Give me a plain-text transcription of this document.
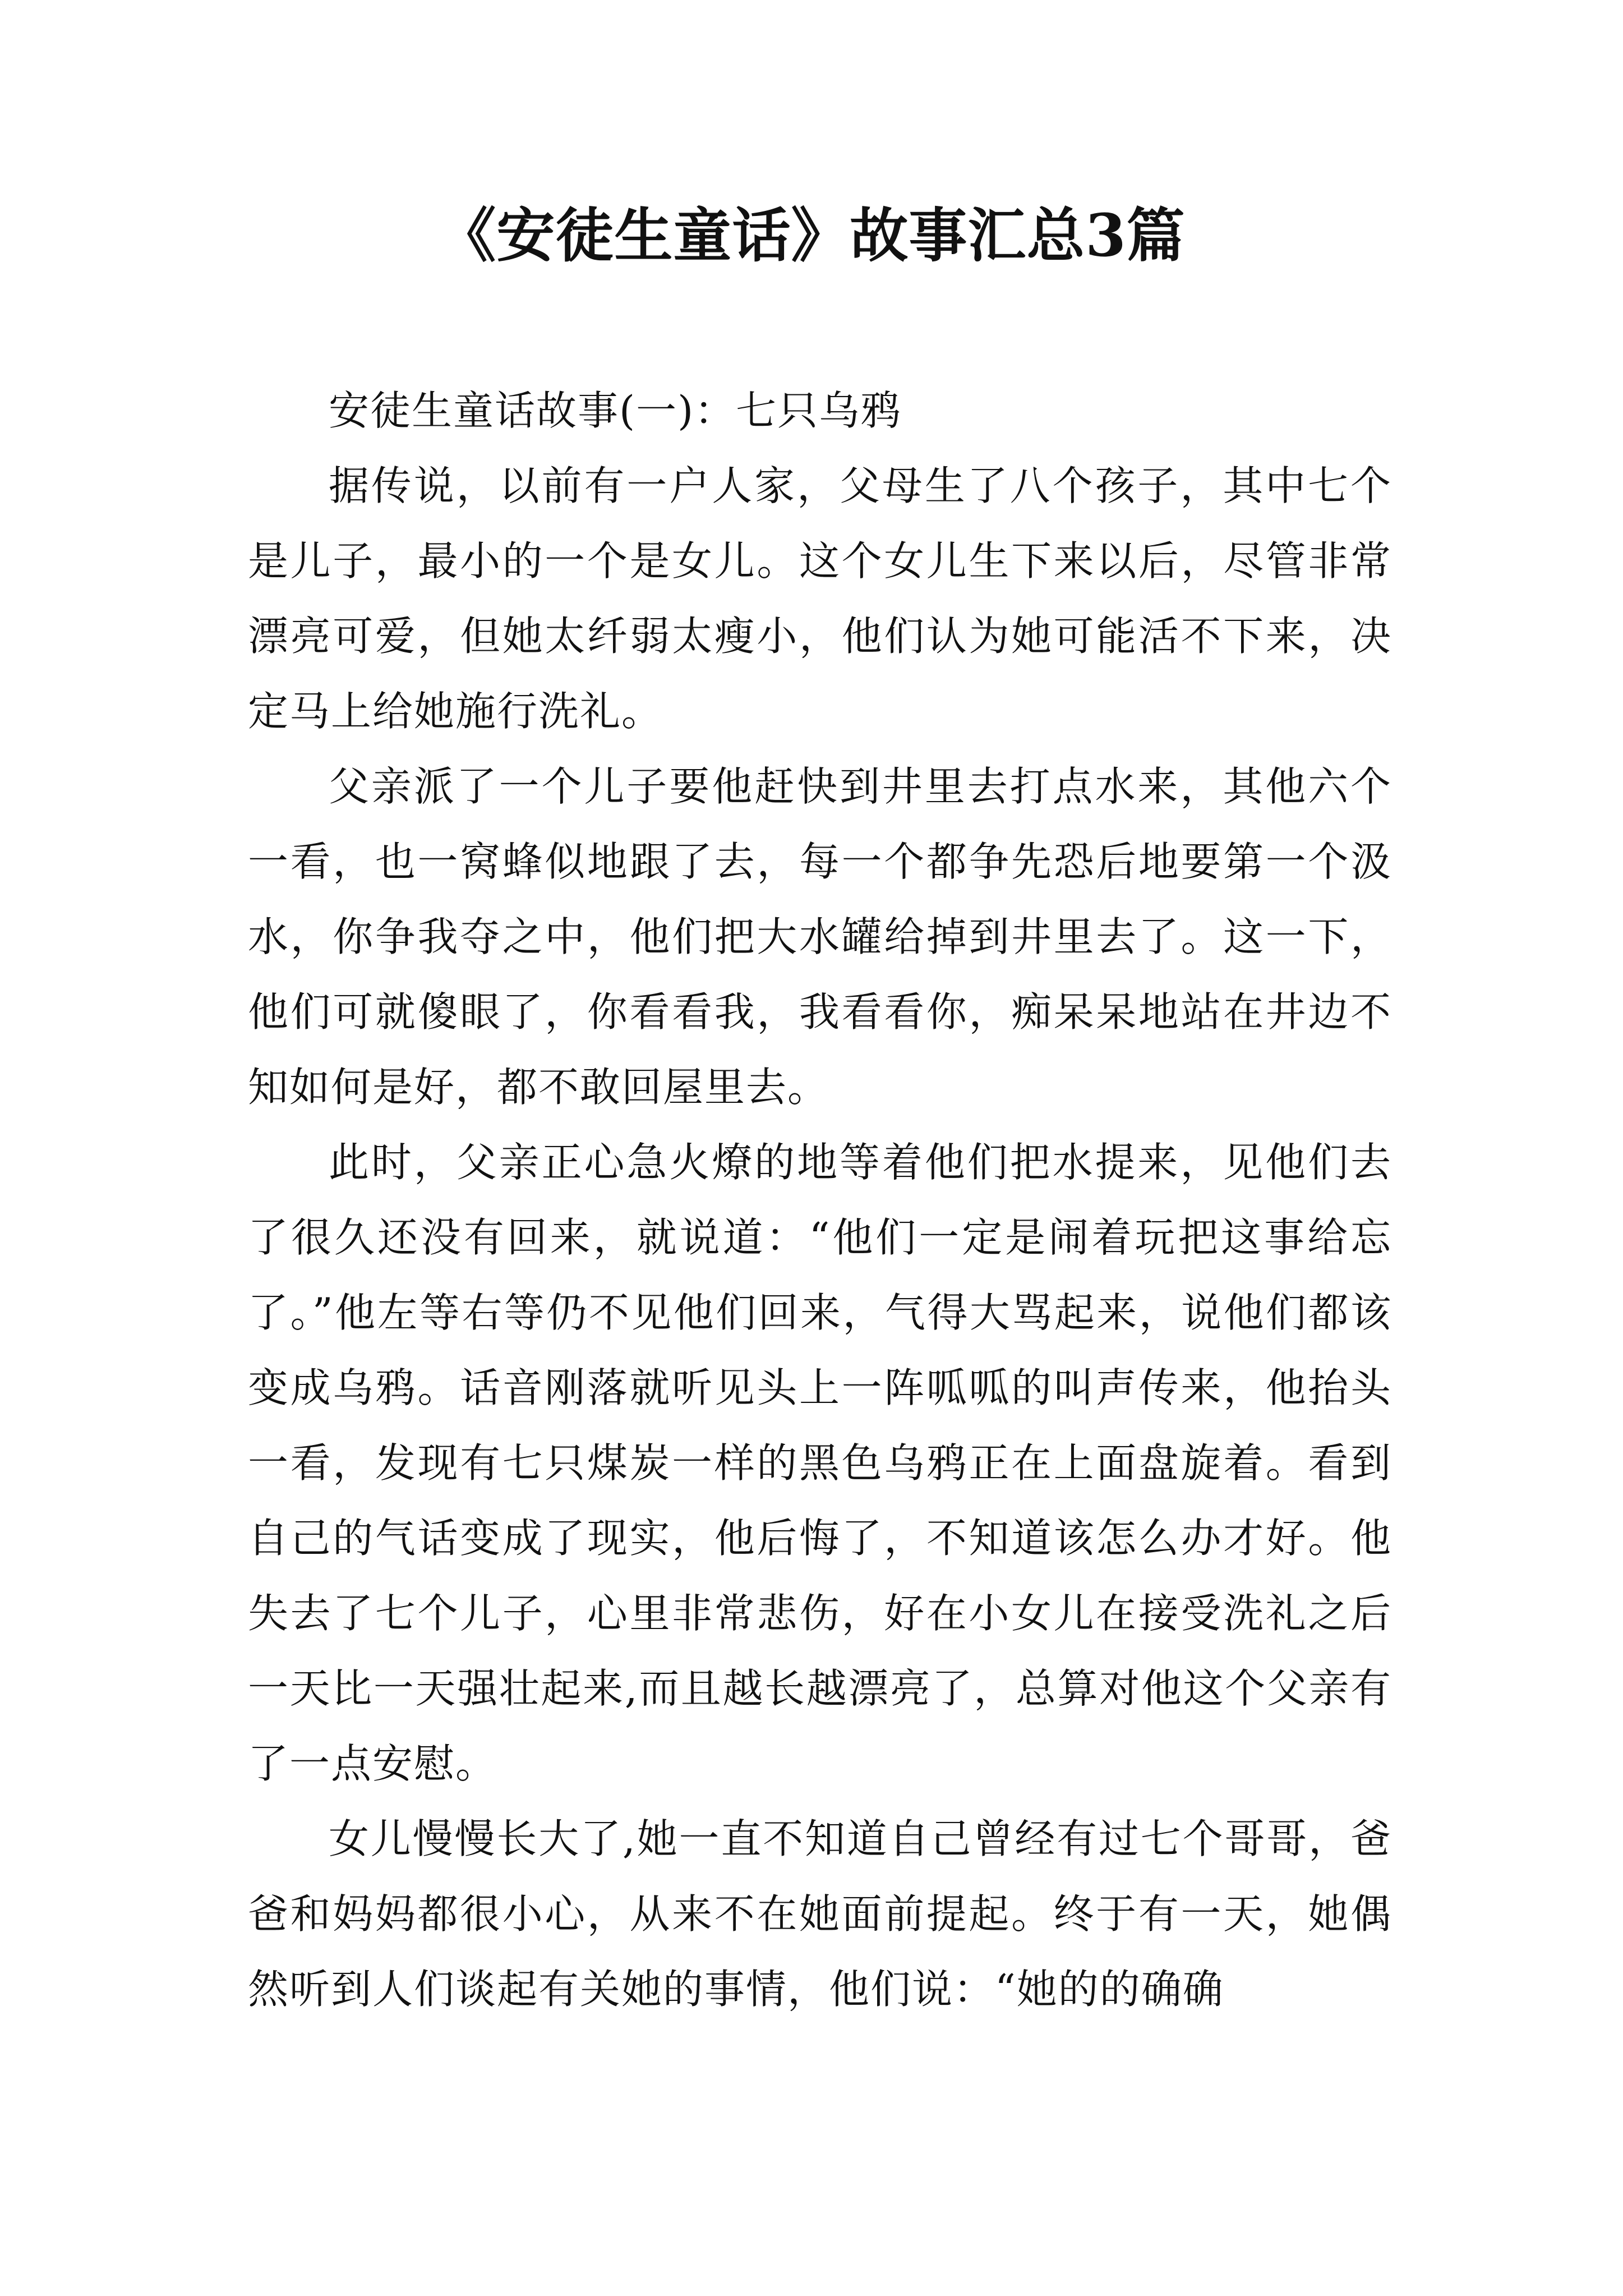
《安徒生童话》故事汇总3篇

安徒生童话故事(一)：七只乌鸦

据传说，以前有一户人家，父母生了八个孩子，其中七个是儿子，最小的一个是女儿。这个女儿生下来以后，尽管非常漂亮可爱，但她太纤弱太瘦小，他们认为她可能活不下来，决定马上给她施行洗礼。

父亲派了一个儿子要他赶快到井里去打点水来，其他六个一看，也一窝蜂似地跟了去，每一个都争先恐后地要第一个汲水，你争我夺之中，他们把大水罐给掉到井里去了。这一下，他们可就傻眼了，你看看我，我看看你，痴呆呆地站在井边不知如何是好，都不敢回屋里去。

此时，父亲正心急火燎的地等着他们把水提来，见他们去了很久还没有回来，就说道：“他们一定是闹着玩把这事给忘了。”他左等右等仍不见他们回来，气得大骂起来，说他们都该变成乌鸦。话音刚落就听见头上一阵呱呱的叫声传来，他抬头一看，发现有七只煤炭一样的黑色乌鸦正在上面盘旋着。看到自己的气话变成了现实，他后悔了，不知道该怎么办才好。他失去了七个儿子，心里非常悲伤，好在小女儿在接受洗礼之后一天比一天强壮起来,而且越长越漂亮了，总算对他这个父亲有了一点安慰。

女儿慢慢长大了,她一直不知道自己曾经有过七个哥哥，爸爸和妈妈都很小心，从来不在她面前提起。终于有一天，她偶然听到人们谈起有关她的事情，他们说：“她的的确确
